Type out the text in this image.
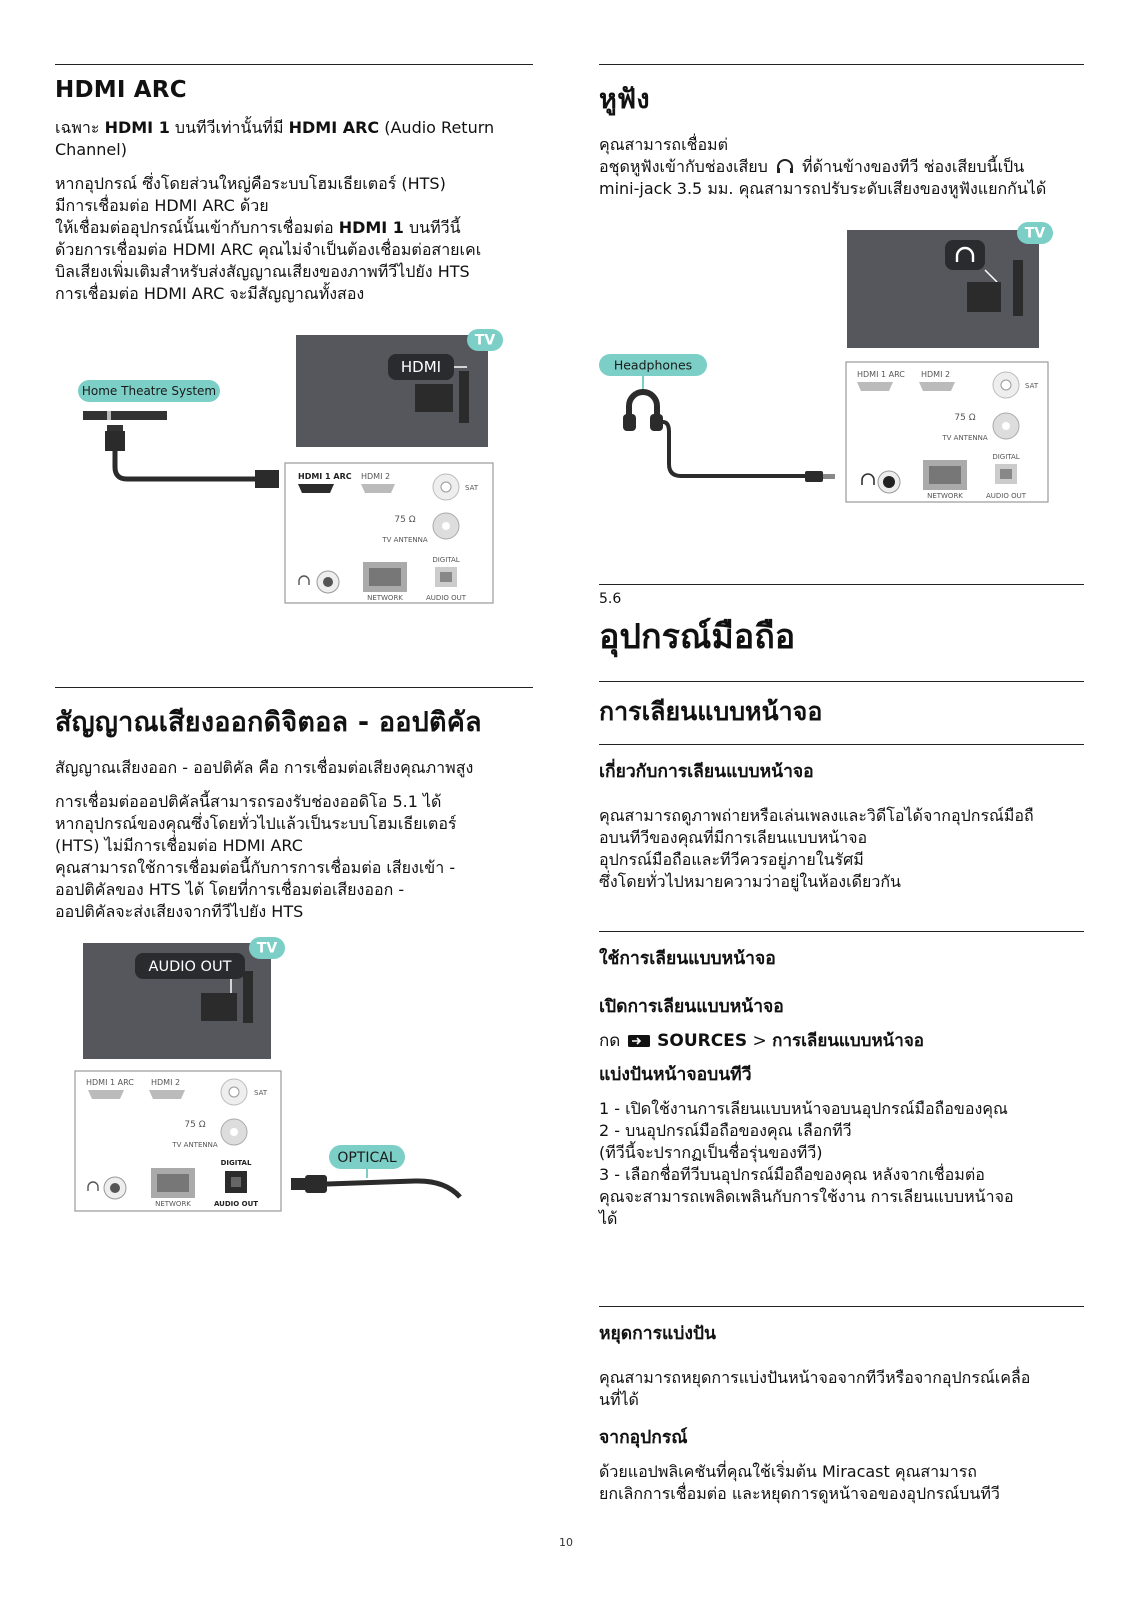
HDMI ARC

เฉพาะ HDMI 1 บนทีวีเท่านั้นที่มี HDMI ARC (Audio Return Channel)

หากอุปกรณ์ ซึ่งโดยส่วนใหญ่คือระบบโฮมเธียเตอร์ (HTS)
มีการเชื่อมต่อ HDMI ARC ด้วย
ให้เชื่อมต่ออุปกรณ์นั้นเข้ากับการเชื่อมต่อ HDMI 1 บนทีวีนี้
ด้วยการเชื่อมต่อ HDMI ARC คุณไม่จำเป็นต้องเชื่อมต่อสายเคเ
บิลเสียงเพิ่มเติมสำหรับส่งสัญญาณเสียงของภาพทีวีไปยัง HTS
การเชื่อมต่อ HDMI ARC จะมีสัญญาณทั้งสอง

TV
HDMI
Home Theatre System
HDMI 1 ARC HDMI 2
SAT
75 Ω
TV ANTENNA
DIGITAL
NETWORK	AUDIO OUT
สัญญาณเสียงออกดิจิตอล - ออปติคัล

สัญญาณเสียงออก - ออปติคัล คือ การเชื่อมต่อเสียงคุณภาพสูง

การเชื่อมต่อออปติคัลนี้สามารถรองรับช่องออดิโอ 5.1 ได้
หากอุปกรณ์ของคุณซึ่งโดยทั่วไปแล้วเป็นระบบโฮมเธียเตอร์
(HTS) ไม่มีการเชื่อมต่อ HDMI ARC
คุณสามารถใช้การเชื่อมต่อนี้กับการการเชื่อมต่อ เสียงเข้า -
ออปติคัลของ HTS ได้ โดยที่การเชื่อมต่อเสียงออก -
ออปติคัลจะส่งเสียงจากทีวีไปยัง HTS

TV
AUDIO OUT
HDMI 1 ARC HDMI 2
SAT
75 Ω
TV ANTENNA
DIGITAL
NETWORK	AUDIO OUT
OPTICAL
หูฟัง

คุณสามารถเชื่อมต่
อชุดหูฟังเข้ากับช่องเสียบ ที่ด้านข้างของทีวี ช่องเสียบนี้เป็น
mini-jack 3.5 มม. คุณสามารถปรับระดับเสียงของหูฟังแยกกันได้

TV
HDMI 1 ARC HDMI 2
SAT
75 Ω
TV ANTENNA
DIGITAL
NETWORK	AUDIO OUT
Headphones
5.6
อุปกรณ์มือถือ
การเลียนแบบหน้าจอ
เกี่ยวกับการเลียนแบบหน้าจอ

คุณสามารถดูภาพถ่ายหรือเล่นเพลงและวิดีโอได้จากอุปกรณ์มือถื
อบนทีวีของคุณที่มีการเลียนแบบหน้าจอ
อุปกรณ์มือถือและทีวีควรอยู่ภายในรัศมี
ซึ่งโดยทั่วไปหมายความว่าอยู่ในห้องเดียวกัน

ใช้การเลียนแบบหน้าจอ
เปิดการเลียนแบบหน้าจอ

กด SOURCES > การเลียนแบบหน้าจอ

แบ่งปันหน้าจอบนทีวี

1 - เปิดใช้งานการเลียนแบบหน้าจอบนอุปกรณ์มือถือของคุณ
2 - บนอุปกรณ์มือถือของคุณ เลือกทีวี
(ทีวีนี้จะปรากฏเป็นชื่อรุ่นของทีวี)
3 - เลือกชื่อทีวีบนอุปกรณ์มือถือของคุณ หลังจากเชื่อมต่อ
คุณจะสามารถเพลิดเพลินกับการใช้งาน การเลียนแบบหน้าจอ
ได้

หยุดการแบ่งปัน

คุณสามารถหยุดการแบ่งปันหน้าจอจากทีวีหรือจากอุปกรณ์เคลื่อ
นที่ได้

จากอุปกรณ์

ด้วยแอปพลิเคชันที่คุณใช้เริ่มต้น Miracast คุณสามารถ
ยกเลิกการเชื่อมต่อ และหยุดการดูหน้าจอของอุปกรณ์บนทีวี

10
